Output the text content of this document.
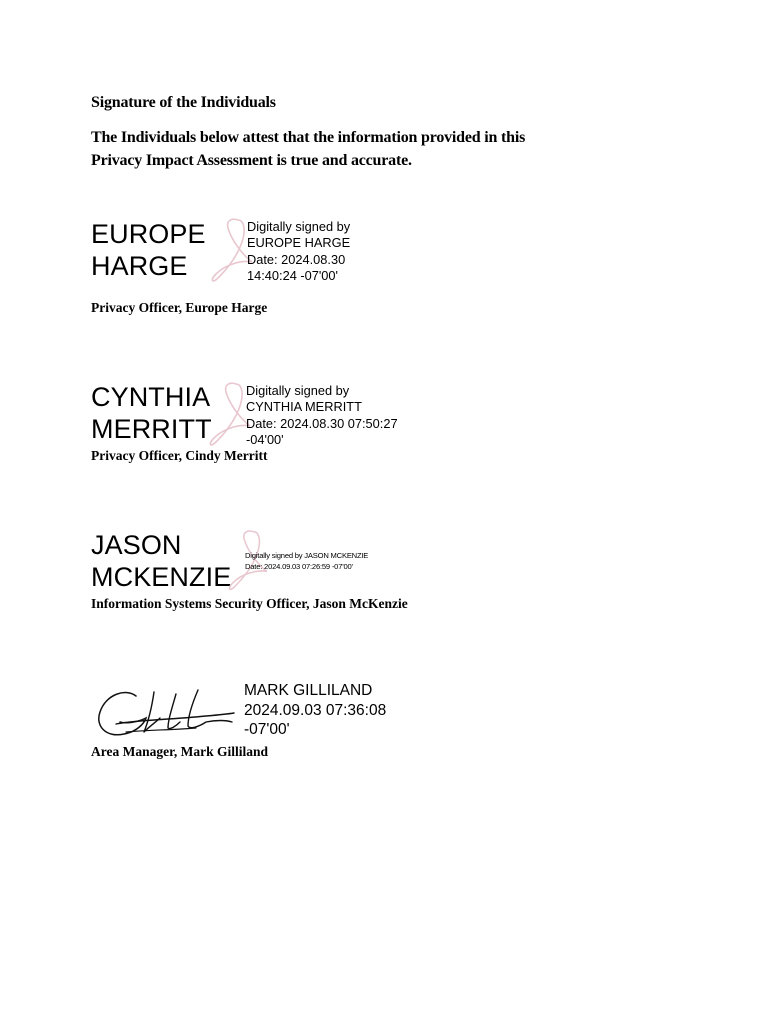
Signature of the Individuals
The Individuals below attest that the information provided in this
Privacy Impact Assessment is true and accurate.
EUROPE
HARGE
Digitally signed by
EUROPE HARGE
Date: 2024.08.30
14:40:24 -07'00'
Privacy Officer, Europe Harge
CYNTHIA
MERRITT
Digitally signed by
CYNTHIA MERRITT
Date: 2024.08.30 07:50:27
-04'00'
Privacy Officer, Cindy Merritt
JASON
MCKENZIE
Digitally signed by JASON MCKENZIE
Date: 2024.09.03 07:26:59 -07'00'
Information Systems Security Officer, Jason McKenzie
MARK GILLILAND
2024.09.03 07:36:08
-07'00'
Area Manager, Mark Gilliland
